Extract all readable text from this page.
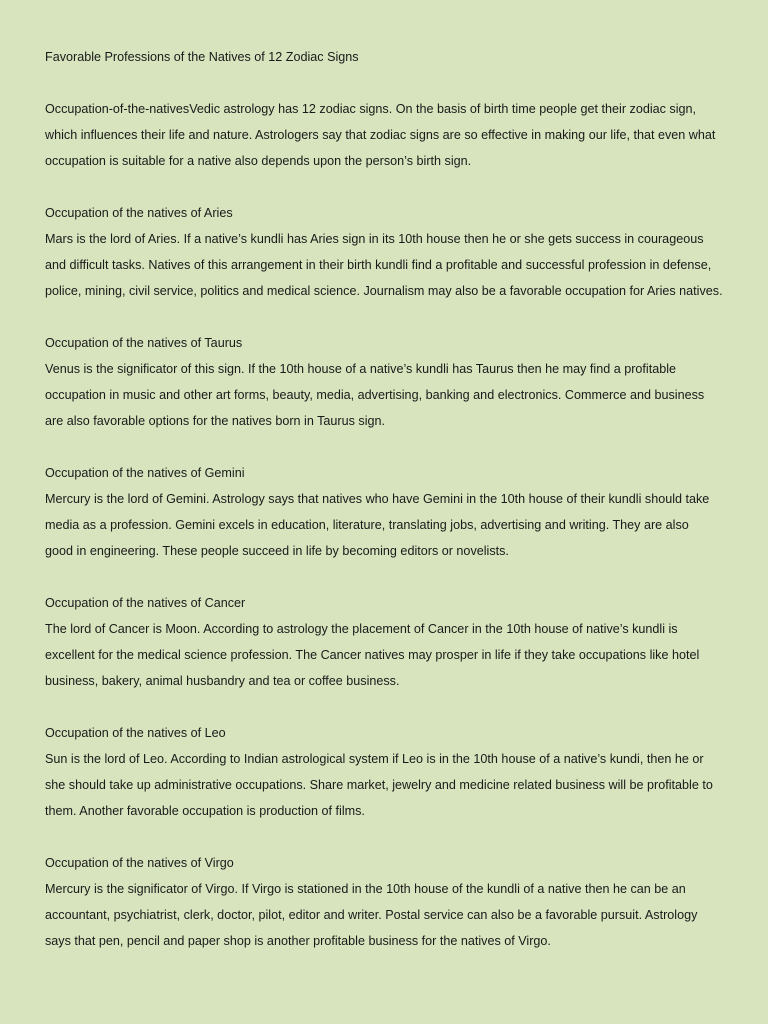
Favorable Professions of the Natives of 12 Zodiac Signs
Occupation-of-the-nativesVedic astrology has 12 zodiac signs. On the basis of birth time people get their zodiac sign,
which influences their life and nature. Astrologers say that zodiac signs are so effective in making our life, that even what
occupation is suitable for a native also depends upon the person’s birth sign.
Occupation of the natives of Aries
Mars is the lord of Aries. If a native’s kundli has Aries sign in its 10th house then he or she gets success in courageous
and difficult tasks. Natives of this arrangement in their birth kundli find a profitable and successful profession in defense,
police, mining, civil service, politics and medical science. Journalism may also be a favorable occupation for Aries natives.
Occupation of the natives of Taurus
Venus is the significator of this sign. If the 10th house of a native’s kundli has Taurus then he may find a profitable
occupation in music and other art forms, beauty, media, advertising, banking and electronics. Commerce and business
are also favorable options for the natives born in Taurus sign.
Occupation of the natives of Gemini
Mercury is the lord of Gemini. Astrology says that natives who have Gemini in the 10th house of their kundli should take
media as a profession. Gemini excels in education, literature, translating jobs, advertising and writing. They are also
good in engineering. These people succeed in life by becoming editors or novelists.
Occupation of the natives of Cancer
The lord of Cancer is Moon. According to astrology the placement of Cancer in the 10th house of native’s kundli is
excellent for the medical science profession. The Cancer natives may prosper in life if they take occupations like hotel
business, bakery, animal husbandry and tea or coffee business.
Occupation of the natives of Leo
Sun is the lord of Leo. According to Indian astrological system if Leo is in the 10th house of a native’s kundi, then he or
she should take up administrative occupations. Share market, jewelry and medicine related business will be profitable to
them. Another favorable occupation is production of films.
Occupation of the natives of Virgo
Mercury is the significator of Virgo. If Virgo is stationed in the 10th house of the kundli of a native then he can be an
accountant, psychiatrist, clerk, doctor, pilot, editor and writer. Postal service can also be a favorable pursuit. Astrology
says that pen, pencil and paper shop is another profitable business for the natives of Virgo.
